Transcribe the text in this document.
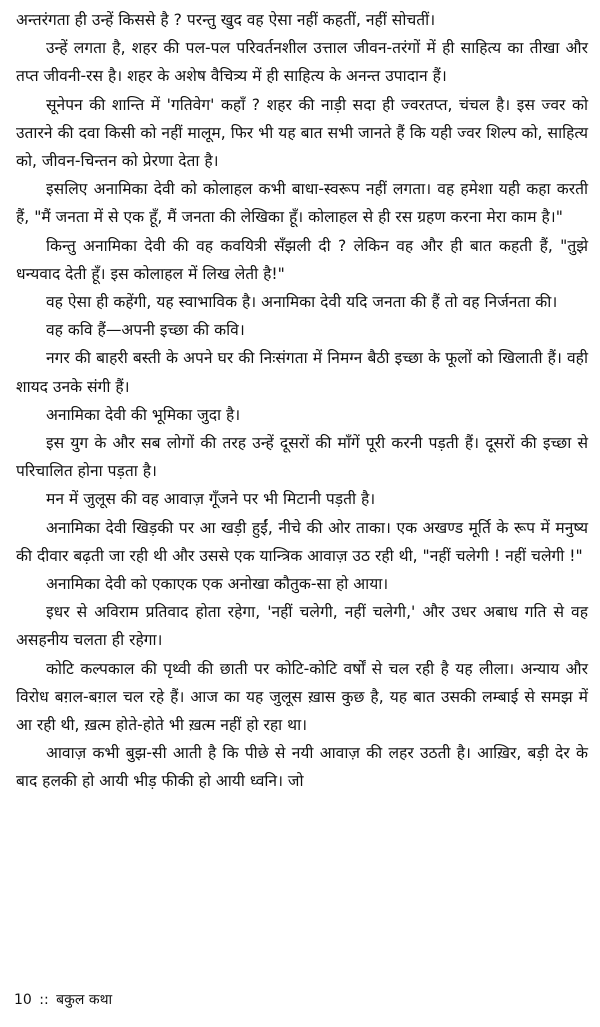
अन्तरंगता ही उन्हें किससे है ? परन्तु खुद वह ऐसा नहीं कहतीं, नहीं सोचतीं।

उन्हें लगता है, शहर की पल-पल परिवर्तनशील उत्ताल जीवन-तरंगों में ही साहित्य का तीखा और तप्त जीवनी-रस है। शहर के अशेष वैचित्र्य में ही साहित्य के अनन्त उपादान हैं।

सूनेपन की शान्ति में 'गतिवेग' कहाँ ? शहर की नाड़ी सदा ही ज्वरतप्त, चंचल है। इस ज्वर को उतारने की दवा किसी को नहीं मालूम, फिर भी यह बात सभी जानते हैं कि यही ज्वर शिल्प को, साहित्य को, जीवन-चिन्तन को प्रेरणा देता है।

इसलिए अनामिका देवी को कोलाहल कभी बाधा-स्वरूप नहीं लगता। वह हमेशा यही कहा करती हैं, "मैं जनता में से एक हूँ, मैं जनता की लेखिका हूँ। कोलाहल से ही रस ग्रहण करना मेरा काम है।"

किन्तु अनामिका देवी की वह कवयित्री सँझली दी ? लेकिन वह और ही बात कहती हैं, "तुझे धन्यवाद देती हूँ। इस कोलाहल में लिख लेती है!"

वह ऐसा ही कहेंगी, यह स्वाभाविक है। अनामिका देवी यदि जनता की हैं तो वह निर्जनता की।

वह कवि हैं—अपनी इच्छा की कवि।

नगर की बाहरी बस्ती के अपने घर की निःसंगता में निमग्न बैठी इच्छा के फूलों को खिलाती हैं। वही शायद उनके संगी हैं।

अनामिका देवी की भूमिका जुदा है।

इस युग के और सब लोगों की तरह उन्हें दूसरों की माँगें पूरी करनी पड़ती हैं। दूसरों की इच्छा से परिचालित होना पड़ता है।

मन में जुलूस की वह आवाज़ गूँजने पर भी मिटानी पड़ती है।

अनामिका देवी खिड़की पर आ खड़ी हुईं, नीचे की ओर ताका। एक अखण्ड मूर्ति के रूप में मनुष्य की दीवार बढ़ती जा रही थी और उससे एक यान्त्रिक आवाज़ उठ रही थी, "नहीं चलेगी ! नहीं चलेगी !"

अनामिका देवी को एकाएक एक अनोखा कौतुक-सा हो आया।

इधर से अविराम प्रतिवाद होता रहेगा, 'नहीं चलेगी, नहीं चलेगी,' और उधर अबाध गति से वह असहनीय चलता ही रहेगा।

कोटि कल्पकाल की पृथ्वी की छाती पर कोटि-कोटि वर्षों से चल रही है यह लीला। अन्याय और विरोध बग़ल-बग़ल चल रहे हैं। आज का यह जुलूस ख़ास कुछ है, यह बात उसकी लम्बाई से समझ में आ रही थी, ख़त्म होते-होते भी ख़त्म नहीं हो रहा था।

आवाज़ कभी बुझ-सी आती है कि पीछे से नयी आवाज़ की लहर उठती है। आख़िर, बड़ी देर के बाद हलकी हो आयी भीड़ फीकी हो आयी ध्वनि। जो

10 :: बकुल कथा
